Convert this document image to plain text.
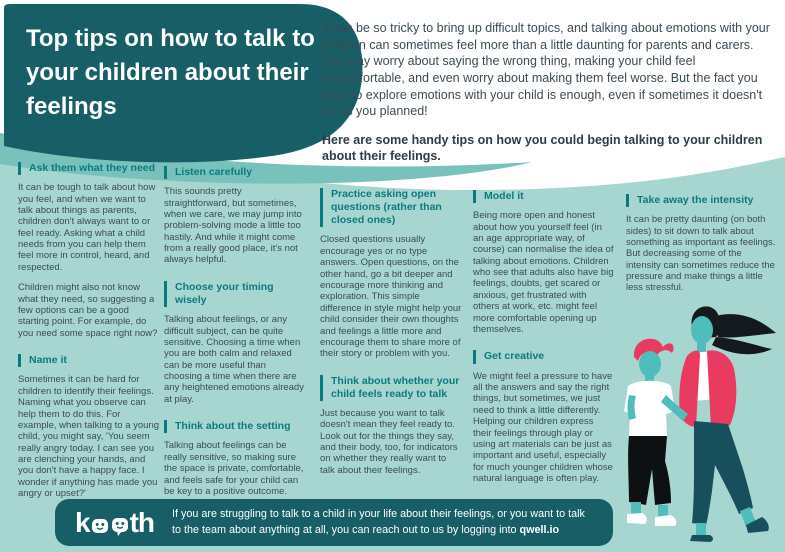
Top tips on how to talk to your children about their feelings

It can be so tricky to bring up difficult topics, and talking about emotions with your children can sometimes feel more than a little daunting for parents and carers. You may worry about saying the wrong thing, making your child feel uncomfortable, and even worry about making them feel worse. But the fact you want to explore emotions with your child is enough, even if sometimes it doesn't go as you planned!

Here are some handy tips on how you could begin talking to your children about their feelings.

Ask them what they need

It can be tough to talk about how you feel, and when we want to talk about things as parents, children don't always want to or feel ready. Asking what a child needs from you can help them feel more in control, heard, and respected.

Children might also not know what they need, so suggesting a few options can be a good starting point. For example, do you need some space right now?

Name it

Sometimes it can be hard for children to identify their feelings. Naming what you observe can help them to do this. For example, when talking to a young child, you might say, 'You seem really angry today. I can see you are clenching your hands, and you don't have a happy face. I wonder if anything has made you angry or upset?'

Listen carefully

This sounds pretty straightforward, but sometimes, when we care, we may jump into problem-solving mode a little too hastily. And while it might come from a really good place, it's not always helpful.

Choose your timing wisely

Talking about feelings, or any difficult subject, can be quite sensitive. Choosing a time when you are both calm and relaxed can be more useful than choosing a time when there are any heightened emotions already at play.

Think about the setting

Talking about feelings can be really sensitive, so making sure the space is private, comfortable, and feels safe for your child can be key to a positive outcome.

Practice asking open questions (rather than closed ones)

Closed questions usually encourage yes or no type answers. Open questions, on the other hand, go a bit deeper and encourage more thinking and exploration. This simple difference in style might help your child consider their own thoughts and feelings a little more and encourage them to share more of their story or problem with you.

Think about whether your child feels ready to talk

Just because you want to talk doesn't mean they feel ready to. Look out for the things they say, and their body, too, for indicators on whether they really want to talk about their feelings.

Model it

Being more open and honest about how you yourself feel (in an age appropriate way, of course) can normalise the idea of talking about emotions. Children who see that adults also have big feelings, doubts, get scared or anxious, get frustrated with others at work, etc. might feel more comfortable opening up themselves.

Get creative

We might feel a pressure to have all the answers and say the right things, but sometimes, we just need to think a little differently. Helping our children express their feelings through play or using art materials can be just as important and useful, especially for much younger children whose natural language is often play.

Take away the intensity

It can be pretty daunting (on both sides) to sit down to talk about something as important as feelings. But decreasing some of the intensity can sometimes reduce the pressure and make things a little less stressful.

k th If you are struggling to talk to a child in your life about their feelings, or you want to talk to the team about anything at all, you can reach out to us by logging into qwell.io
